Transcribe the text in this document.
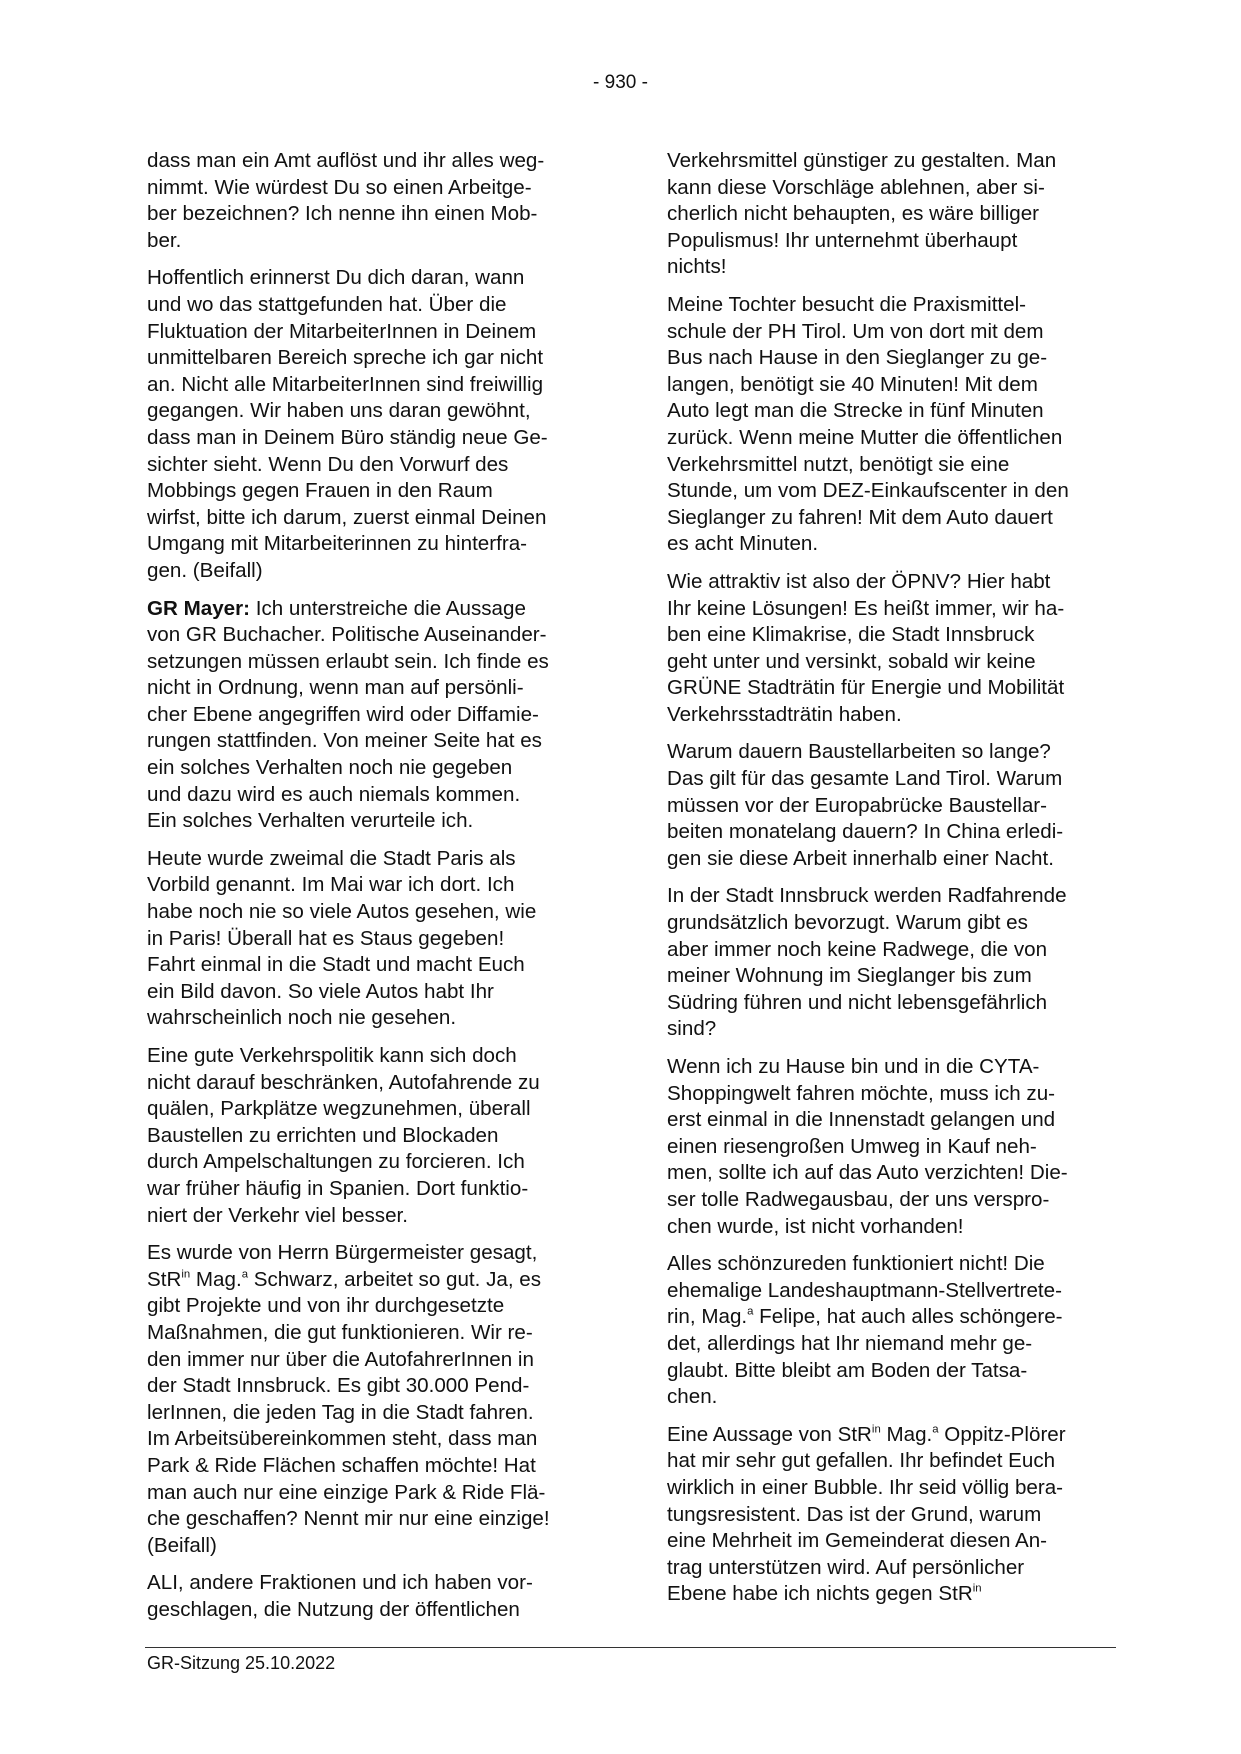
- 930 -

dass man ein Amt auflöst und ihr alles weg-
nimmt. Wie würdest Du so einen Arbeitge-
ber bezeichnen? Ich nenne ihn einen Mob-
ber.

Hoffentlich erinnerst Du dich daran, wann
und wo das stattgefunden hat. Über die
Fluktuation der MitarbeiterInnen in Deinem
unmittelbaren Bereich spreche ich gar nicht
an. Nicht alle MitarbeiterInnen sind freiwillig
gegangen. Wir haben uns daran gewöhnt,
dass man in Deinem Büro ständig neue Ge-
sichter sieht. Wenn Du den Vorwurf des
Mobbings gegen Frauen in den Raum
wirfst, bitte ich darum, zuerst einmal Deinen
Umgang mit Mitarbeiterinnen zu hinterfra-
gen. (Beifall)

GR Mayer: Ich unterstreiche die Aussage
von GR Buchacher. Politische Auseinander-
setzungen müssen erlaubt sein. Ich finde es
nicht in Ordnung, wenn man auf persönli-
cher Ebene angegriffen wird oder Diffamie-
rungen stattfinden. Von meiner Seite hat es
ein solches Verhalten noch nie gegeben
und dazu wird es auch niemals kommen.
Ein solches Verhalten verurteile ich.

Heute wurde zweimal die Stadt Paris als
Vorbild genannt. Im Mai war ich dort. Ich
habe noch nie so viele Autos gesehen, wie
in Paris! Überall hat es Staus gegeben!
Fahrt einmal in die Stadt und macht Euch
ein Bild davon. So viele Autos habt Ihr
wahrscheinlich noch nie gesehen.

Eine gute Verkehrspolitik kann sich doch
nicht darauf beschränken, Autofahrende zu
quälen, Parkplätze wegzunehmen, überall
Baustellen zu errichten und Blockaden
durch Ampelschaltungen zu forcieren. Ich
war früher häufig in Spanien. Dort funktio-
niert der Verkehr viel besser.

Es wurde von Herrn Bürgermeister gesagt,
StR$^{in}$ Mag.$^a$ Schwarz, arbeitet so gut. Ja, es
gibt Projekte und von ihr durchgesetzte
Maßnahmen, die gut funktionieren. Wir re-
den immer nur über die AutofahrerInnen in
der Stadt Innsbruck. Es gibt 30.000 Pend-
lerInnen, die jeden Tag in die Stadt fahren.
Im Arbeitsübereinkommen steht, dass man
Park & Ride Flächen schaffen möchte! Hat
man auch nur eine einzige Park & Ride Flä-
che geschaffen? Nennt mir nur eine einzige!
(Beifall)

ALI, andere Fraktionen und ich haben vor-
geschlagen, die Nutzung der öffentlichen

Verkehrsmittel günstiger zu gestalten. Man
kann diese Vorschläge ablehnen, aber si-
cherlich nicht behaupten, es wäre billiger
Populismus! Ihr unternehmt überhaupt
nichts!

Meine Tochter besucht die Praxismittel-
schule der PH Tirol. Um von dort mit dem
Bus nach Hause in den Sieglanger zu ge-
langen, benötigt sie 40 Minuten! Mit dem
Auto legt man die Strecke in fünf Minuten
zurück. Wenn meine Mutter die öffentlichen
Verkehrsmittel nutzt, benötigt sie eine
Stunde, um vom DEZ-Einkaufscenter in den
Sieglanger zu fahren! Mit dem Auto dauert
es acht Minuten.

Wie attraktiv ist also der ÖPNV? Hier habt
Ihr keine Lösungen! Es heißt immer, wir ha-
ben eine Klimakrise, die Stadt Innsbruck
geht unter und versinkt, sobald wir keine
GRÜNE Stadträtin für Energie und Mobilität
Verkehrsstadträtin haben.

Warum dauern Baustellarbeiten so lange?
Das gilt für das gesamte Land Tirol. Warum
müssen vor der Europabrücke Baustellar-
beiten monatelang dauern? In China erledi-
gen sie diese Arbeit innerhalb einer Nacht.

In der Stadt Innsbruck werden Radfahrende
grundsätzlich bevorzugt. Warum gibt es
aber immer noch keine Radwege, die von
meiner Wohnung im Sieglanger bis zum
Südring führen und nicht lebensgefährlich
sind?

Wenn ich zu Hause bin und in die CYTA-
Shoppingwelt fahren möchte, muss ich zu-
erst einmal in die Innenstadt gelangen und
einen riesengroßen Umweg in Kauf neh-
men, sollte ich auf das Auto verzichten! Die-
ser tolle Radwegausbau, der uns verspro-
chen wurde, ist nicht vorhanden!

Alles schönzureden funktioniert nicht! Die
ehemalige Landeshauptmann-Stellvertrete-
rin, Mag.$^a$ Felipe, hat auch alles schöngere-
det, allerdings hat Ihr niemand mehr ge-
glaubt. Bitte bleibt am Boden der Tatsa-
chen.

Eine Aussage von StR$^{in}$ Mag.$^a$ Oppitz-Plörer
hat mir sehr gut gefallen. Ihr befindet Euch
wirklich in einer Bubble. Ihr seid völlig bera-
tungsresistent. Das ist der Grund, warum
eine Mehrheit im Gemeinderat diesen An-
trag unterstützen wird. Auf persönlicher
Ebene habe ich nichts gegen StR$^{in}$

GR-Sitzung 25.10.2022
